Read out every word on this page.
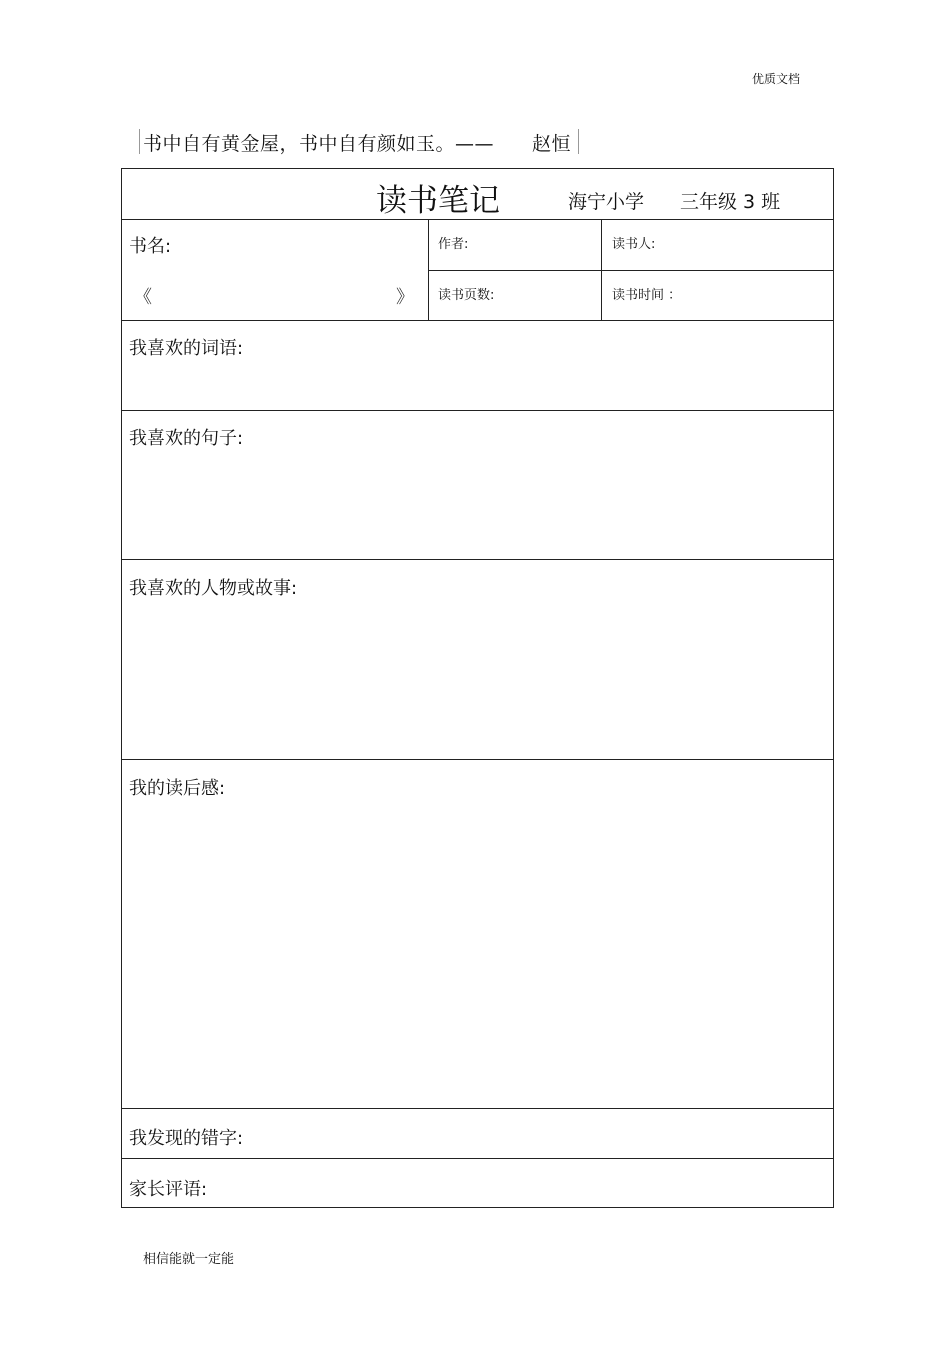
优质文档
书中自有黄金屋，书中自有颜如玉。—— 赵恒
读书笔记	海宁小学 三年级 3 班
书名:
《	》
作者:	读书人:
读书页数:	读书时间 ：
我喜欢的词语:
我喜欢的句子:
我喜欢的人物或故事:
我的读后感:
我发现的错字:
家长评语:
相信能就一定能
